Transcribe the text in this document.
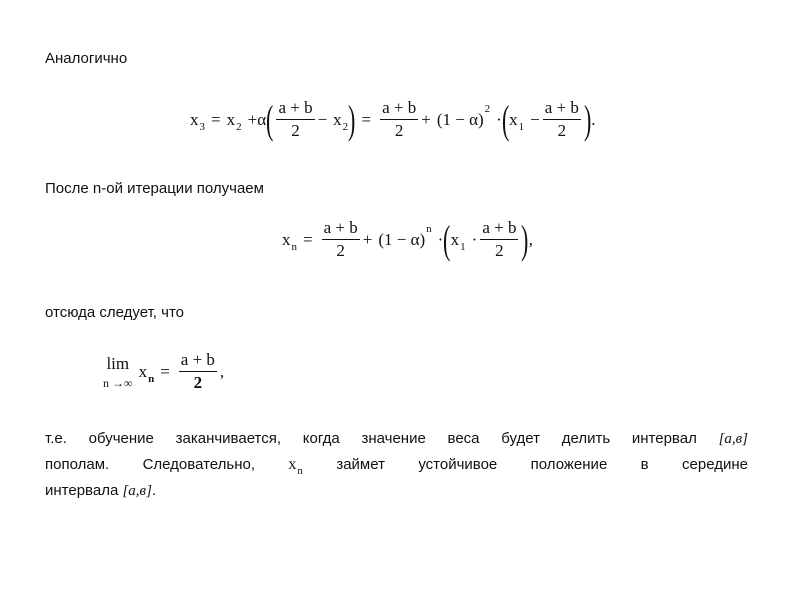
Аналогично
$x_3 = x_2 + \alpha$ ( $\frac{a + b}{2} - x_2$ ) = $\frac{a + b}{2} + (1 - \alpha)$
2
· ( $x_1 - \frac{a + b}{2}$ ) .
После n-ой итерации получаем
$x_n = \frac{a + b}{2} + (1 - \alpha)$
n
· ( $x_1 \cdot \frac{a + b}{2}$ ) ,
отсюда следует, что
lim
n →∞
$x_n = \frac{a + b}{2}$ ,
т.е. обучение заканчивается, когда значение веса будет делить интервал [a,в]
пополам. Следовательно, $x_n$ займет устойчивое положение в середине
интервала [a,в].
